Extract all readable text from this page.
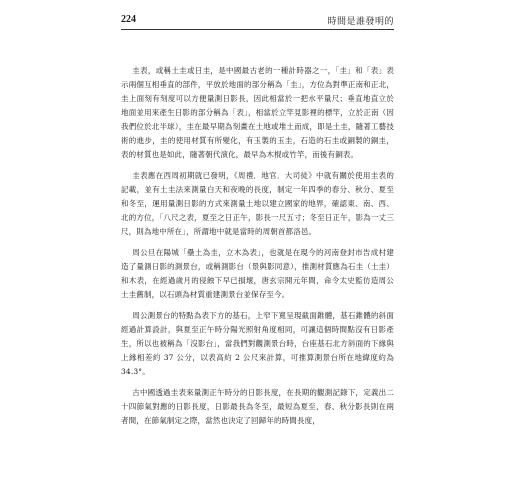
224	時間是誰發明的

圭表，或稱土圭或日圭，是中國最古老的一種計時器之一，「圭」和「表」表示兩個互相垂直的部件，平放於地面的部分稱為「圭」，方位為對準正南和正北，圭上面刻有刻度可以方便量測日影長，因此相當於一把水平量尺；垂直地直立於地面並用來產生日影的部分稱為「表」，相當於立竿見影裡的標竿，立於正南（因我們位於北半球），圭在最早期為刻畫在土地或堆土而成，即是土圭，隨著工藝技術的進步，圭的使用材質有所變化，有玉製的玉圭，石造的石圭或銅製的銅圭，表的材質也是如此，隨著朝代演化，最早為木棍或竹竿，而後有銅表。

圭表應在西周初期就已發明，《周禮．地官．大司徒》中就有關於使用圭表的記載，並有土圭法來測量白天和夜晚的長度，制定一年四季的春分、秋分、夏至和冬至，運用量測日影的方式來測量土地以建立國家的地界，確認東、南、西、北的方位，「八尺之表，夏至之日正午，影長一尺五寸；冬至日正午，影為一丈三尺，則為地中所在」，所謂地中就是當時的周朝首都洛邑。

周公旦在陽城「壘土為圭，立木為表」，也就是在現今的河南登封市告成村建造了量測日影的測景台，或稱測影台（景與影同意），推測材質應為石圭（土圭）和木表，在經過歲月的侵蝕下早已損壞，唐玄宗開元年間，命令太史監仿造周公土圭舊制，以石頭為材質重建測景台並保存至今。

周公測景台的特點為表下方的基石，上窄下寬呈現截面錐體，基石錐體的斜面經過計算設計，與夏至正午時分陽光照射角度相同，可讓這個時間點沒有日影產生，所以也被稱為「沒影台」，當我們對觀測景台時，台座基石北方斜面的下緣與上緣相差約 37 公分，以表高約 2 公尺來計算，可推算測景台所在地緯度約為 34.3°。

古中國透過圭表來量測正午時分的日影長度，在長期的觀測記錄下，定義出二十四節氣對應的日影長度，日影最長為冬至，最短為夏至，春、秋分影長則在兩者間，在節氣制定之際，當然也決定了回歸年的時間長度，
